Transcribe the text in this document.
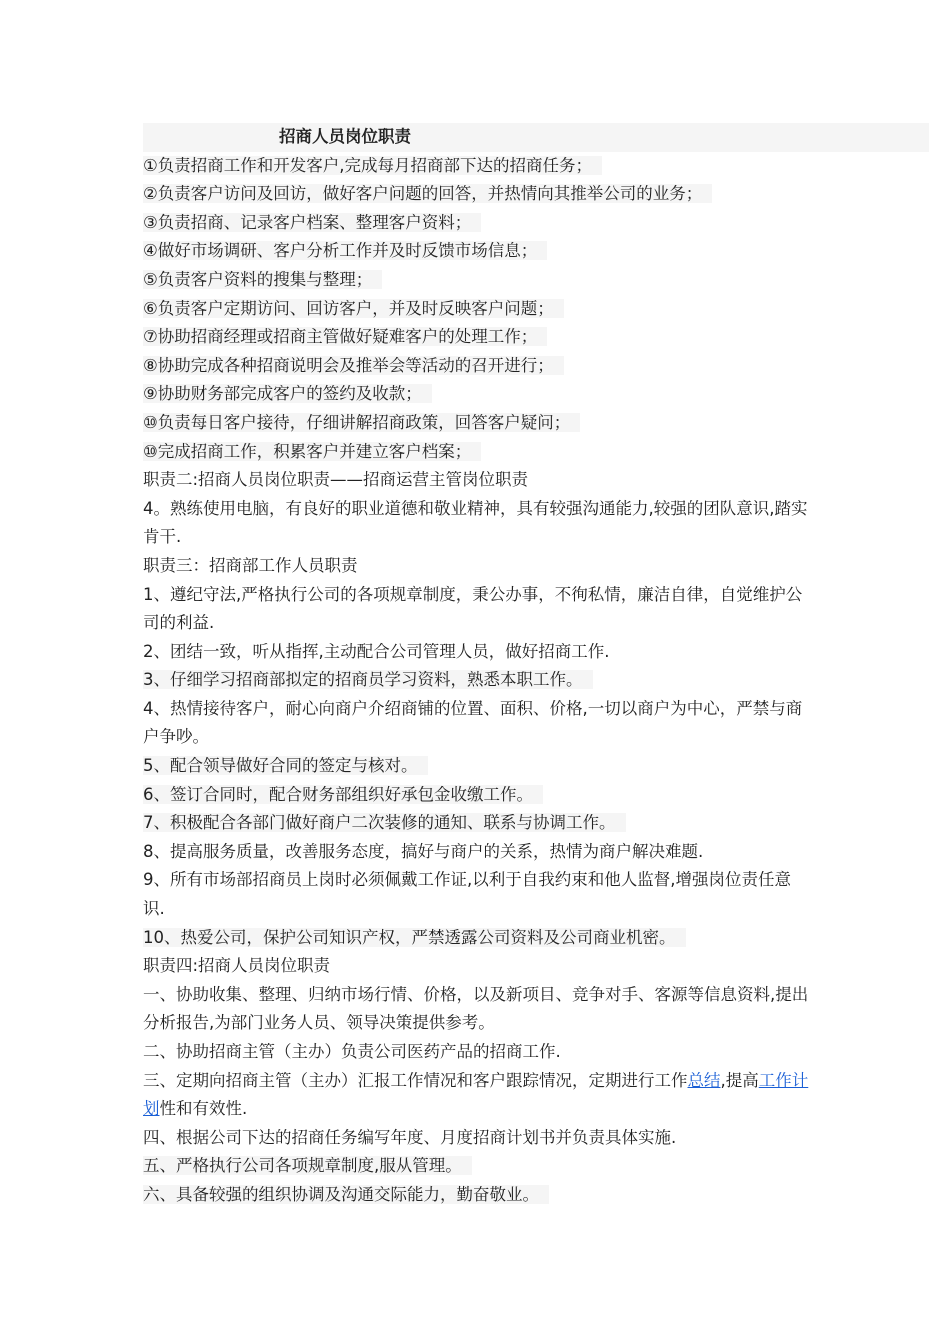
招商人员岗位职责
①负责招商工作和开发客户,完成每月招商部下达的招商任务；
②负责客户访问及回访，做好客户问题的回答，并热情向其推举公司的业务；
③负责招商、记录客户档案、整理客户资料；
④做好市场调研、客户分析工作并及时反馈市场信息；
⑤负责客户资料的搜集与整理；
⑥负责客户定期访问、回访客户，并及时反映客户问题；
⑦协助招商经理或招商主管做好疑难客户的处理工作；
⑧协助完成各种招商说明会及推举会等活动的召开进行；
⑨协助财务部完成客户的签约及收款；
⑩负责每日客户接待，仔细讲解招商政策，回答客户疑问；
⑩完成招商工作，积累客户并建立客户档案；
职责二:招商人员岗位职责——招商运营主管岗位职责
4。熟练使用电脑，有良好的职业道德和敬业精神，具有较强沟通能力,较强的团队意识,踏实肯干.
职责三：招商部工作人员职责
1、遵纪守法,严格执行公司的各项规章制度，秉公办事，不徇私情，廉洁自律，自觉维护公司的利益.
2、团结一致，听从指挥,主动配合公司管理人员，做好招商工作.
3、仔细学习招商部拟定的招商员学习资料，熟悉本职工作。
4、热情接待客户，耐心向商户介绍商铺的位置、面积、价格,一切以商户为中心，严禁与商户争吵。
5、配合领导做好合同的签定与核对。
6、签订合同时，配合财务部组织好承包金收缴工作。
7、积极配合各部门做好商户二次装修的通知、联系与协调工作。
8、提高服务质量，改善服务态度，搞好与商户的关系，热情为商户解决难题.
9、所有市场部招商员上岗时必须佩戴工作证,以利于自我约束和他人监督,增强岗位责任意识.
10、热爱公司，保护公司知识产权，严禁透露公司资料及公司商业机密。
职责四:招商人员岗位职责
一、协助收集、整理、归纳市场行情、价格，以及新项目、竞争对手、客源等信息资料,提出分析报告,为部门业务人员、领导决策提供参考。
二、协助招商主管（主办）负责公司医药产品的招商工作.
三、定期向招商主管（主办）汇报工作情况和客户跟踪情况，定期进行工作总结,提高工作计划性和有效性.
四、根据公司下达的招商任务编写年度、月度招商计划书并负责具体实施.
五、严格执行公司各项规章制度,服从管理。
六、具备较强的组织协调及沟通交际能力，勤奋敬业。
